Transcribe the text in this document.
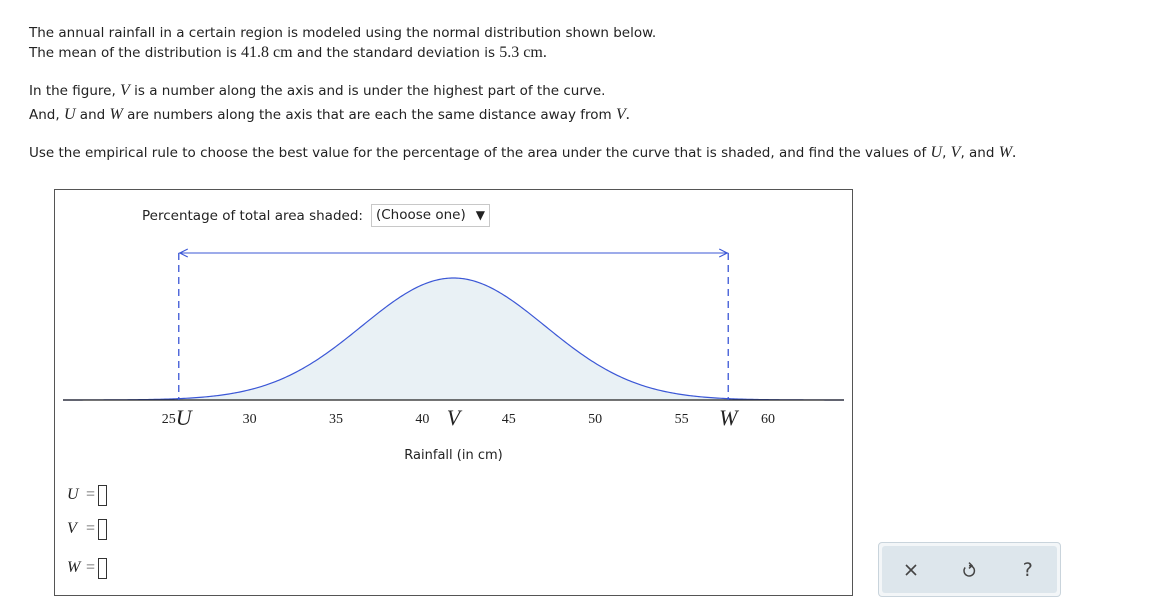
The annual rainfall in a certain region is modeled using the normal distribution shown below.
The mean of the distribution is 41.8 cm and the standard deviation is 5.3 cm.
In the figure, V is a number along the axis and is under the highest part of the curve.
And, U and W are numbers along the axis that are each the same distance away from V.
Use the empirical rule to choose the best value for the percentage of the area under the curve that is shaded, and find the values of U, V, and W.
30	35	40	45	50	55	60
25 U	V	W
Rainfall (in cm)
Percentage of total area shaded: (Choose one) ▼
U =
V =
W =	?
